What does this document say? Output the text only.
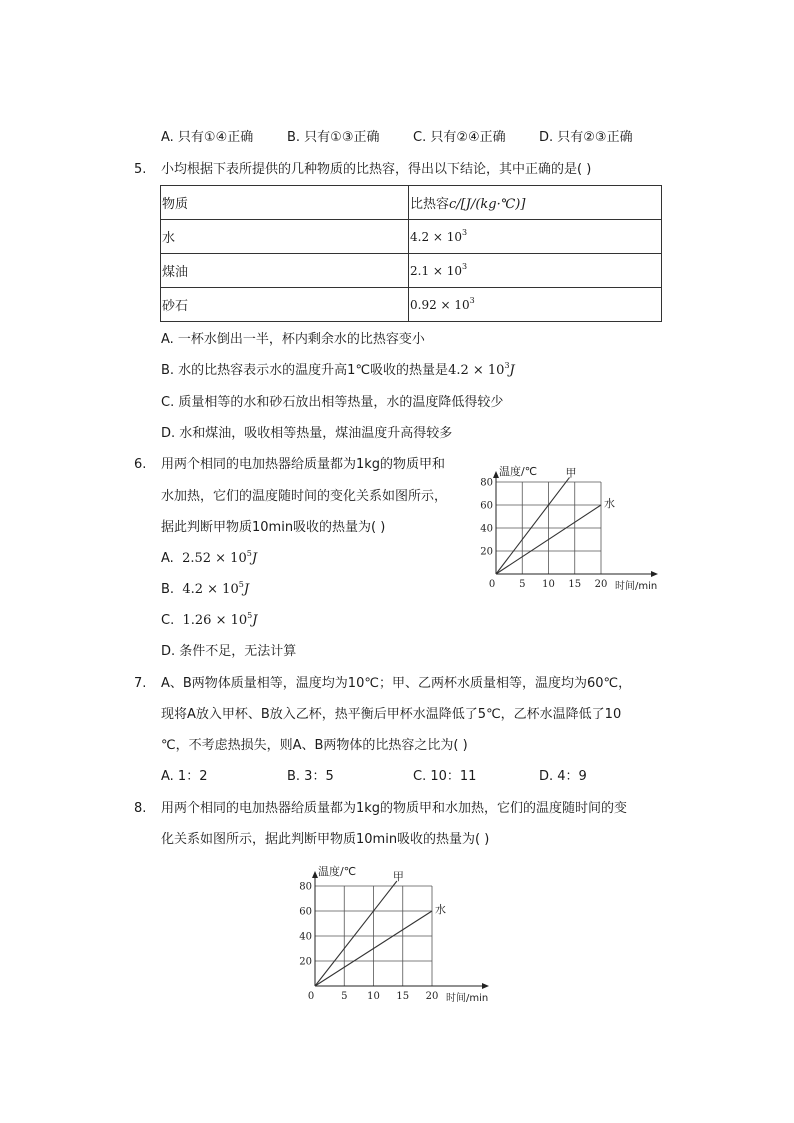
A. 只有①④正确	B. 只有①③正确	C. 只有②④正确	D. 只有②③正确
5. 小均根据下表所提供的几种物质的比热容，得出以下结论，其中正确的是( )
物质	比热容c/[J/(kg·℃)]
水	$4.2 \times 10^3$
煤油	$2.1 \times 10^3$
砂石	$0.92 \times 10^3$
A. 一杯水倒出一半，杯内剩余水的比热容变小
B. 水的比热容表示水的温度升高1℃吸收的热量是$4.2 \times 10^3J$
C. 质量相等的水和砂石放出相等热量，水的温度降低得较少
D. 水和煤油，吸收相等热量，煤油温度升高得较多
6. 用两个相同的电加热器给质量都为1kg的物质甲和
水加热，它们的温度随时间的变化关系如图所示，
据此判断甲物质10min吸收的热量为( )
A. $2.52 \times 10^5J$
B. $4.2 \times 10^5J$
C. $1.26 \times 10^5J$
D. 条件不足，无法计算
0 5 10 15 20
20
40
60
80
温度/℃
时间/min
甲
水
7. A、B两物体质量相等，温度均为10℃；甲、乙两杯水质量相等，温度均为60℃，
现将A放入甲杯、B放入乙杯，热平衡后甲杯水温降低了5℃，乙杯水温降低了10
℃，不考虑热损失，则A、B两物体的比热容之比为( )
A. 1：2	B. 3：5	C. 10：11	D. 4：9
8. 用两个相同的电加热器给质量都为1kg的物质甲和水加热，它们的温度随时间的变
化关系如图所示，据此判断甲物质10min吸收的热量为( )
0	5 10 15 20
20
40
60
80
温度/℃
时间/min
甲
水
